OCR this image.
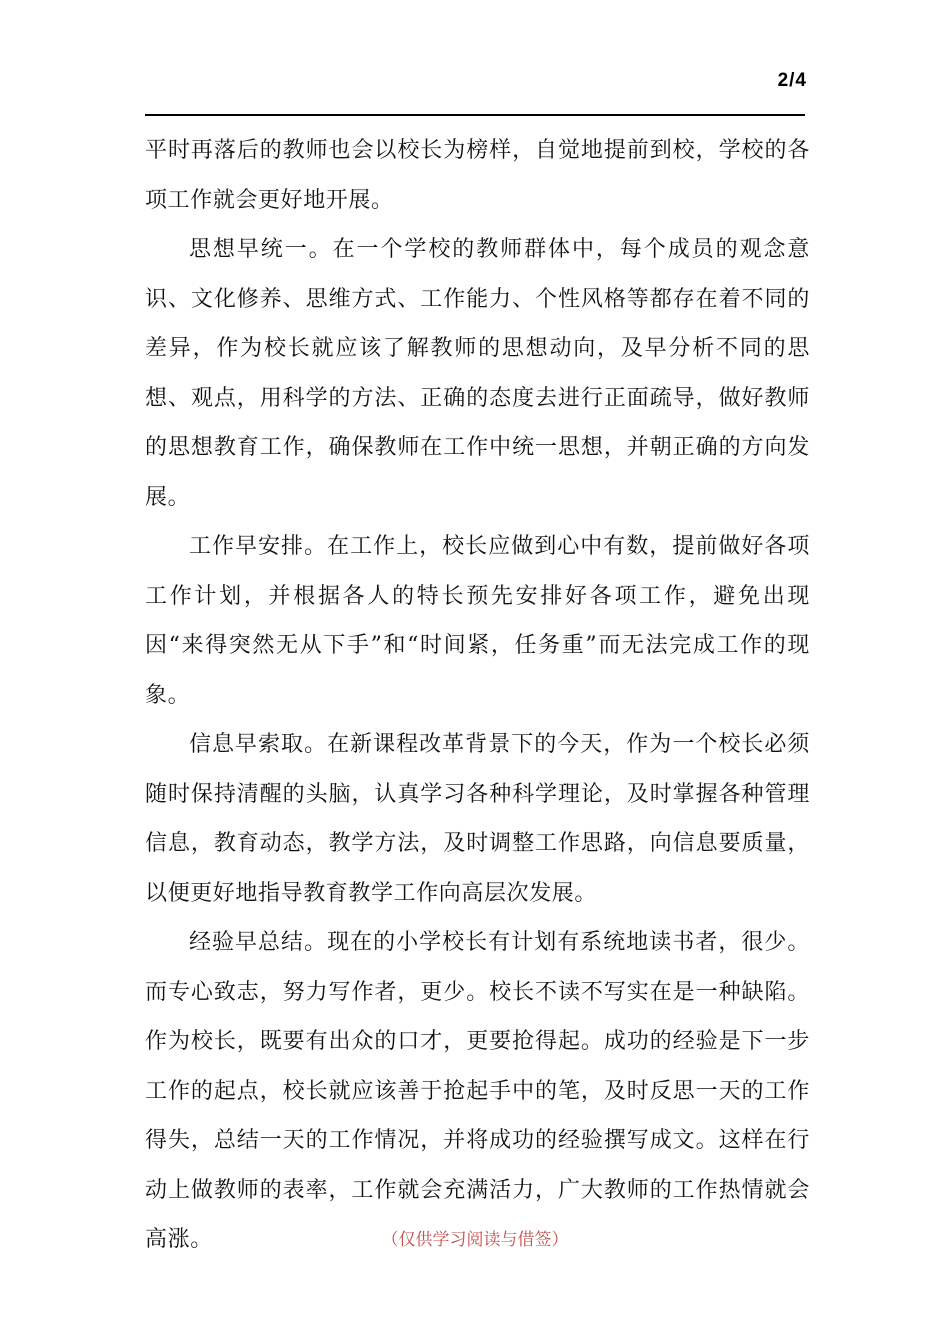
2/4

平时再落后的教师也会以校长为榜样，自觉地提前到校，学校的各项工作就会更好地开展。

思想早统一。在一个学校的教师群体中，每个成员的观念意识、文化修养、思维方式、工作能力、个性风格等都存在着不同的差异，作为校长就应该了解教师的思想动向，及早分析不同的思想、观点，用科学的方法、正确的态度去进行正面疏导，做好教师的思想教育工作，确保教师在工作中统一思想，并朝正确的方向发展。

工作早安排。在工作上，校长应做到心中有数，提前做好各项工作计划，并根据各人的特长预先安排好各项工作，避免出现因“来得突然无从下手”和“时间紧，任务重”而无法完成工作的现象。

信息早索取。在新课程改革背景下的今天，作为一个校长必须随时保持清醒的头脑，认真学习各种科学理论，及时掌握各种管理信息，教育动态，教学方法，及时调整工作思路，向信息要质量，以便更好地指导教育教学工作向高层次发展。

经验早总结。现在的小学校长有计划有系统地读书者，很少。而专心致志，努力写作者，更少。校长不读不写实在是一种缺陷。作为校长，既要有出众的口才，更要抢得起。成功的经验是下一步工作的起点，校长就应该善于抢起手中的笔，及时反思一天的工作得失，总结一天的工作情况，并将成功的经验撰写成文。这样在行动上做教师的表率，工作就会充满活力，广大教师的工作热情就会高涨。	（仅供学习阅读与借签）
